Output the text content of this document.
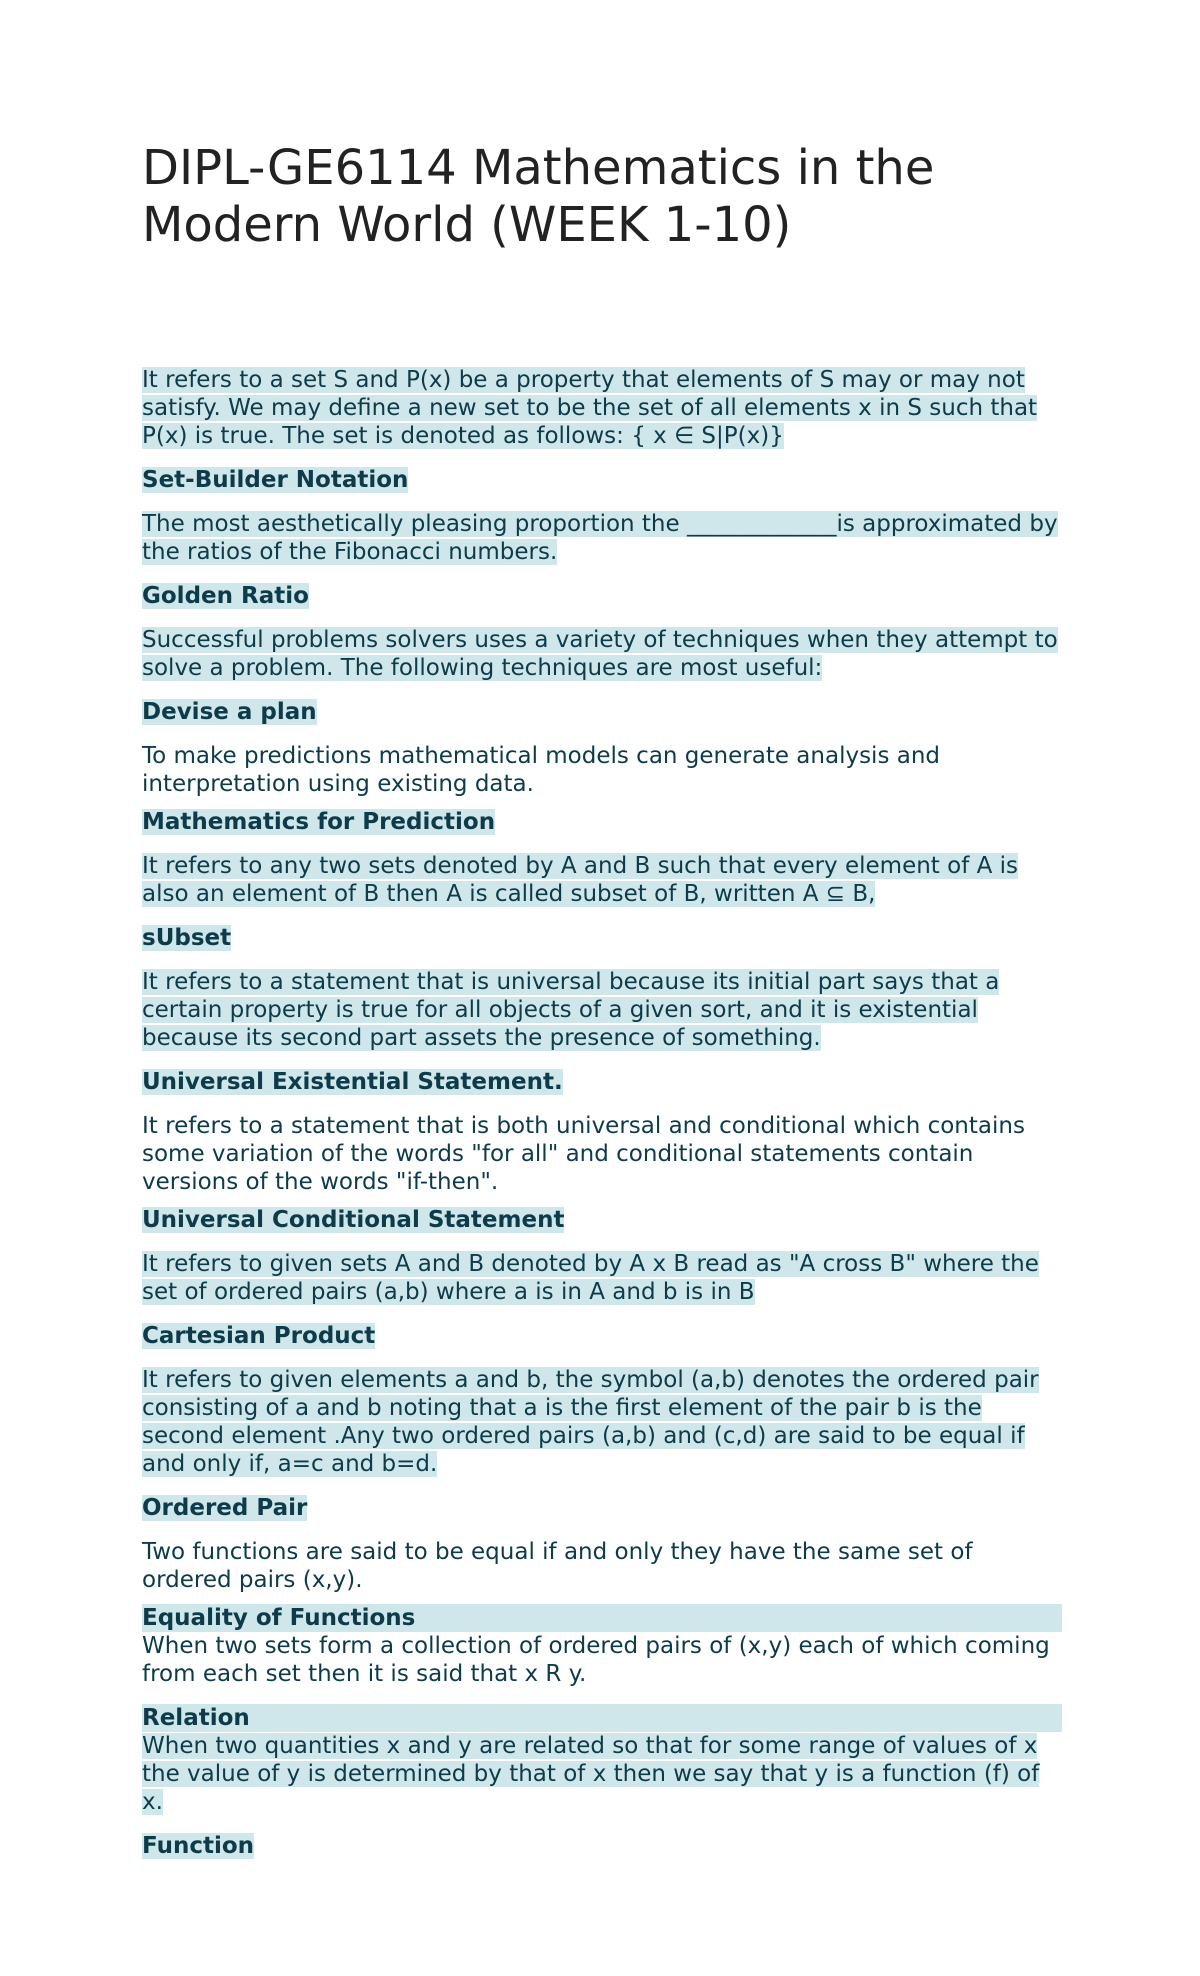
DIPL-GE6114 Mathematics in the Modern World (WEEK 1-10)

It refers to a set S and P(x) be a property that elements of S may or may not satisfy. We may define a new set to be the set of all elements x in S such that P(x) is true. The set is denoted as follows: { x ∈ S|P(x)}

Set-Builder Notation

The most aesthetically pleasing proportion the _____________is approximated by the ratios of the Fibonacci numbers.

Golden Ratio

Successful problems solvers uses a variety of techniques when they attempt to solve a problem. The following techniques are most useful:

Devise a plan

To make predictions mathematical models can generate analysis and interpretation using existing data.

Mathematics for Prediction

It refers to any two sets denoted by A and B such that every element of A is also an element of B then A is called subset of B, written A ⊆ B,

sUbset

It refers to a statement that is universal because its initial part says that a certain property is true for all objects of a given sort, and it is existential because its second part assets the presence of something.

Universal Existential Statement.

It refers to a statement that is both universal and conditional which contains some variation of the words "for all" and conditional statements contain versions of the words "if-then".

Universal Conditional Statement

It refers to given sets A and B denoted by A x B read as "A cross B" where the set of ordered pairs (a,b) where a is in A and b is in B

Cartesian Product

It refers to given elements a and b, the symbol (a,b) denotes the ordered pair consisting of a and b noting that a is the first element of the pair b is the second element .Any two ordered pairs (a,b) and (c,d) are said to be equal if and only if, a=c and b=d.

Ordered Pair

Two functions are said to be equal if and only they have the same set of ordered pairs (x,y).

Equality of Functions

When two sets form a collection of ordered pairs of (x,y) each of which coming from each set then it is said that x R y.

Relation

When two quantities x and y are related so that for some range of values of x the value of y is determined by that of x then we say that y is a function (f) of x.

Function
